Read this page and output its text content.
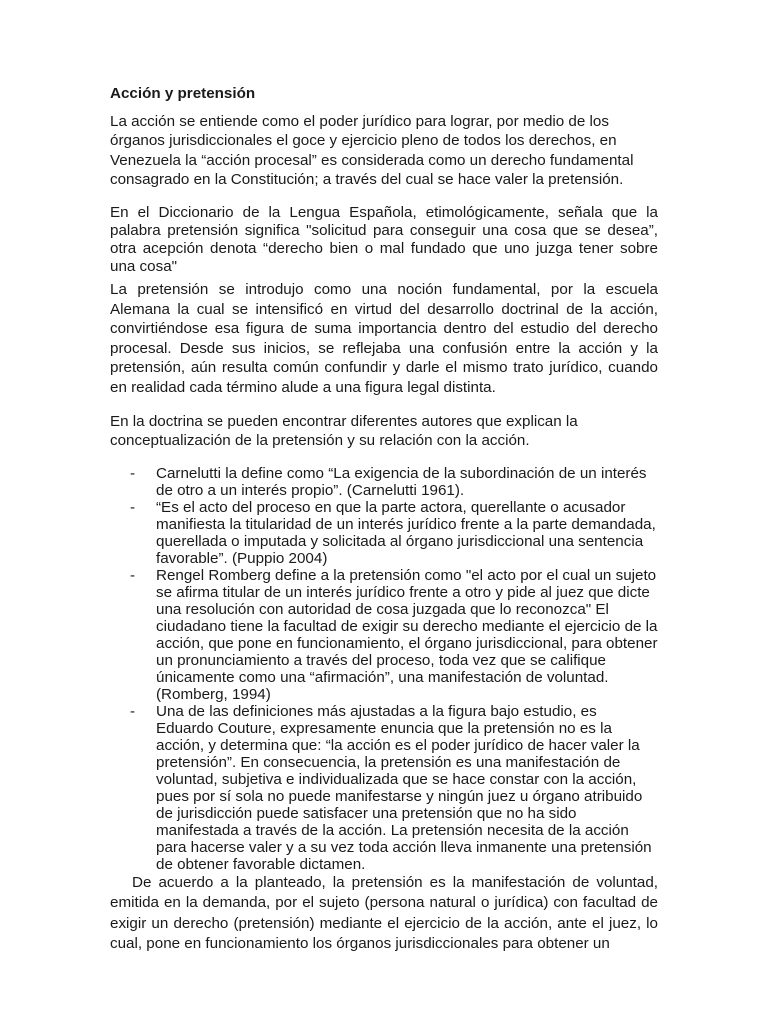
Acción y pretensión

La acción se entiende como el poder jurídico para lograr, por medio de los órganos jurisdiccionales el goce y ejercicio pleno de todos los derechos, en Venezuela la “acción procesal” es considerada como un derecho fundamental consagrado en la Constitución; a través del cual se hace valer la pretensión.

En el Diccionario de la Lengua Española, etimológicamente, señala que la palabra pretensión significa "solicitud para conseguir una cosa que se desea”, otra acepción denota “derecho bien o mal fundado que uno juzga tener sobre una cosa"

La pretensión se introdujo como una noción fundamental, por la escuela Alemana la cual se intensificó en virtud del desarrollo doctrinal de la acción, convirtiéndose esa figura de suma importancia dentro del estudio del derecho procesal. Desde sus inicios, se reflejaba una confusión entre la acción y la pretensión, aún resulta común confundir y darle el mismo trato jurídico, cuando en realidad cada término alude a una figura legal distinta.

En la doctrina se pueden encontrar diferentes autores que explican la conceptualización de la pretensión y su relación con la acción.

- Carnelutti la define como “La exigencia de la subordinación de un interés de otro a un interés propio”. (Carnelutti 1961).
- “Es el acto del proceso en que la parte actora, querellante o acusador manifiesta la titularidad de un interés jurídico frente a la parte demandada, querellada o imputada y solicitada al órgano jurisdiccional una sentencia favorable”. (Puppio 2004)
- Rengel Romberg define a la pretensión como "el acto por el cual un sujeto se afirma titular de un interés jurídico frente a otro y pide al juez que dicte una resolución con autoridad de cosa juzgada que lo reconozca" El ciudadano tiene la facultad de exigir su derecho mediante el ejercicio de la acción, que pone en funcionamiento, el órgano jurisdiccional, para obtener un pronunciamiento a través del proceso, toda vez que se califique únicamente como una “afirmación”, una manifestación de voluntad. (Romberg, 1994)
- Una de las definiciones más ajustadas a la figura bajo estudio, es Eduardo Couture, expresamente enuncia que la pretensión no es la acción, y determina que: “la acción es el poder jurídico de hacer valer la pretensión”. En consecuencia, la pretensión es una manifestación de voluntad, subjetiva e individualizada que se hace constar con la acción, pues por sí sola no puede manifestarse y ningún juez u órgano atribuido de jurisdicción puede satisfacer una pretensión que no ha sido manifestada a través de la acción. La pretensión necesita de la acción para hacerse valer y a su vez toda acción lleva inmanente una pretensión de obtener favorable dictamen.

De acuerdo a la planteado, la pretensión es la manifestación de voluntad, emitida en la demanda, por el sujeto (persona natural o jurídica) con facultad de exigir un derecho (pretensión) mediante el ejercicio de la acción, ante el juez, lo cual, pone en funcionamiento los órganos jurisdiccionales para obtener un
